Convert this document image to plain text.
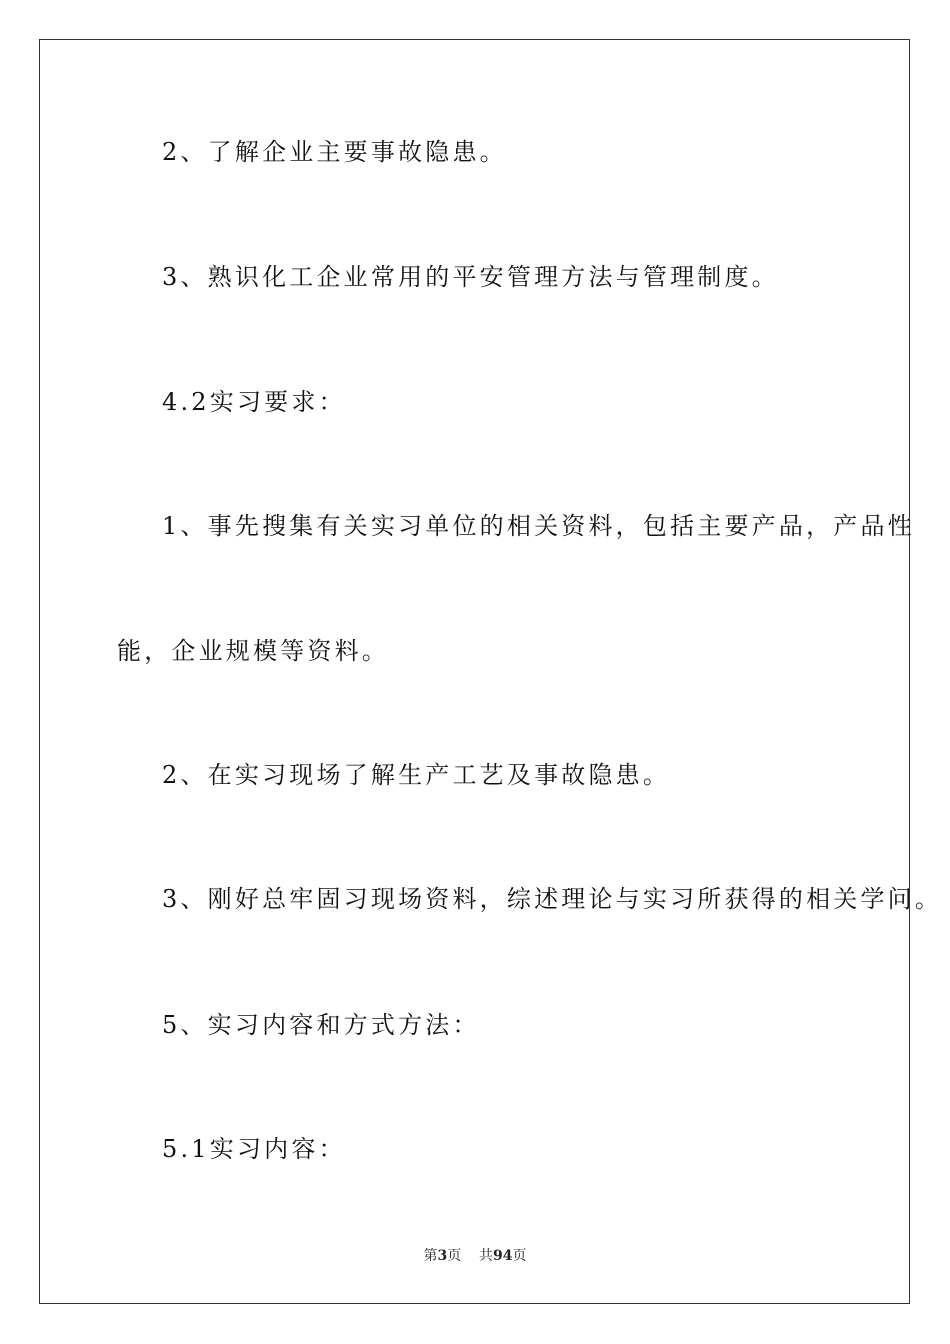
2、了解企业主要事故隐患。
3、熟识化工企业常用的平安管理方法与管理制度。
4.2实习要求：
1、事先搜集有关实习单位的相关资料，包括主要产品，产品性
能，企业规模等资料。
2、在实习现场了解生产工艺及事故隐患。
3、刚好总牢固习现场资料，综述理论与实习所获得的相关学问。
5、实习内容和方式方法：
5.1实习内容：
第3页 共94页
